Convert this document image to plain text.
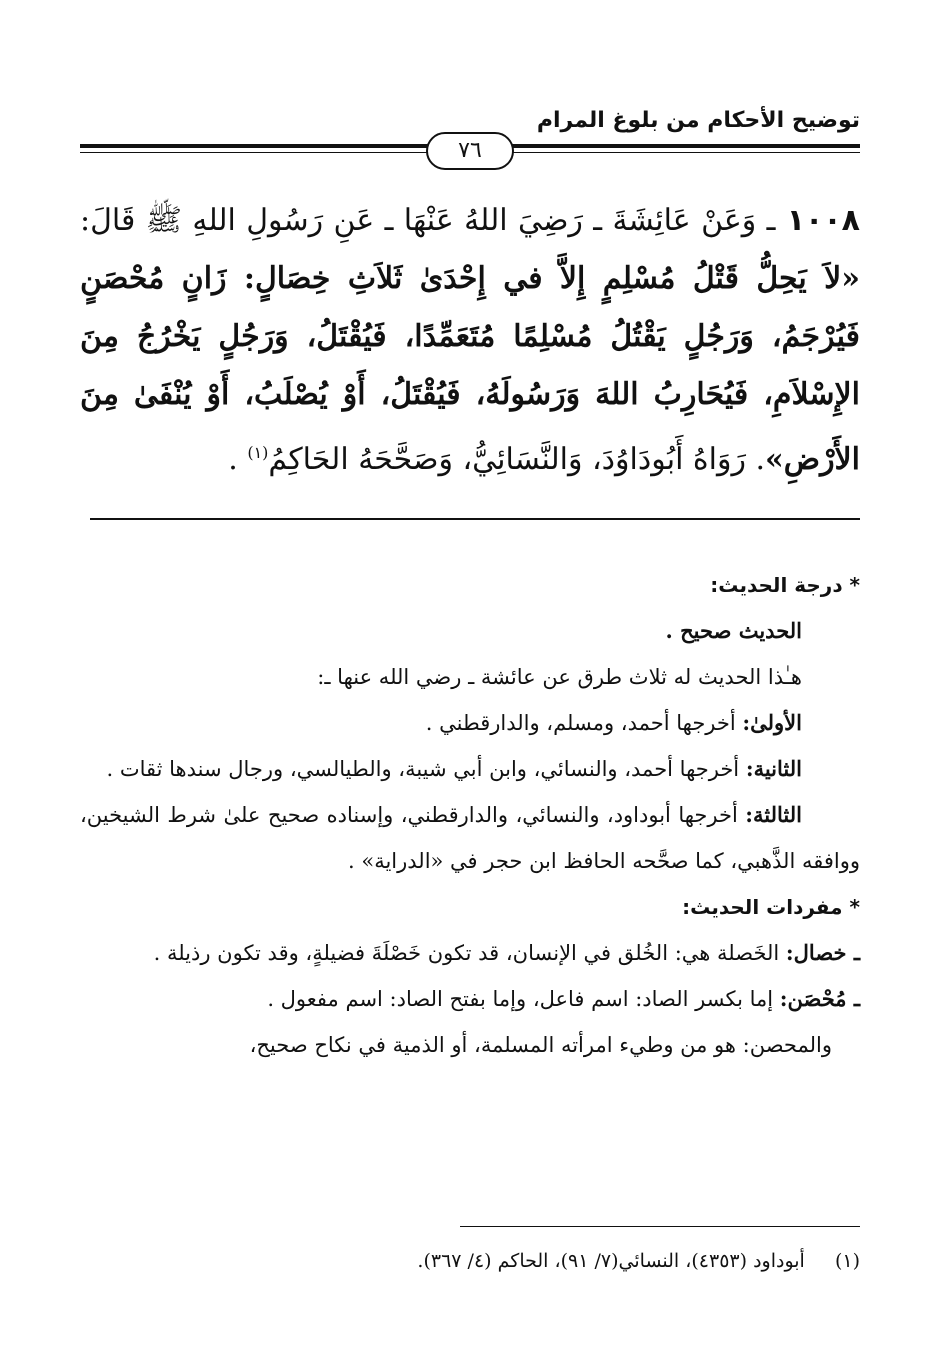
توضيح الأحكام من بلوغ المرام
٧٦
١٠٠٨ ـ وَعَنْ عَائِشَةَ ـ رَضِيَ اللهُ عَنْهَا ـ عَنِ رَسُولِ اللهِ ﷺ قَالَ: «لاَ يَحِلُّ قَتْلُ مُسْلِمٍ إِلاَّ في إِحْدَىٰ ثَلاَثِ خِصَالٍ: زَانٍ مُحْصَنٍ فَيُرْجَمُ، وَرَجُلٍ يَقْتُلُ مُسْلِمًا مُتَعَمِّدًا، فَيُقْتَلُ، وَرَجُلٍ يَخْرُجُ مِنَ الإِسْلاَمِ، فَيُحَارِبُ اللهَ وَرَسُولَهُ، فَيُقْتَلُ، أَوْ يُصْلَبُ، أَوْ يُنْفَىٰ مِنَ الأَرْضِ». رَوَاهُ أَبُودَاوُدَ، وَالنَّسَائِيُّ، وَصَحَّحَهُ الحَاكِمُ$^{(١)}$ .

* درجة الحديث:

الحديث صحيح .

هـٰذا الحديث له ثلاث طرق عن عائشة ـ رضي الله عنها ـ:

الأولىٰ: أخرجها أحمد، ومسلم، والدارقطني .

الثانية: أخرجها أحمد، والنسائي، وابن أبي شيبة، والطيالسي، ورجال سندها ثقات .

الثالثة: أخرجها أبوداود، والنسائي، والدارقطني، وإسناده صحيح علىٰ شرط الشيخين، ووافقه الذَّهبي، كما صحَّحه الحافظ ابن حجر في «الدراية» .

* مفردات الحديث:

ـ خصال: الخَصلة هي: الخُلق في الإنسان، قد تكون خَصْلَةَ فضيلةٍ، وقد تكون رذيلة .

ـ مُحْصَن: إما بكسر الصاد: اسم فاعل، وإما بفتح الصاد: اسم مفعول .

والمحصن: هو من وطيء امرأته المسلمة، أو الذمية في نكاح صحيح،

(١)  أبوداود (٤٣٥٣)، النسائي(٧/ ٩١)، الحاكم (٤/ ٣٦٧).
